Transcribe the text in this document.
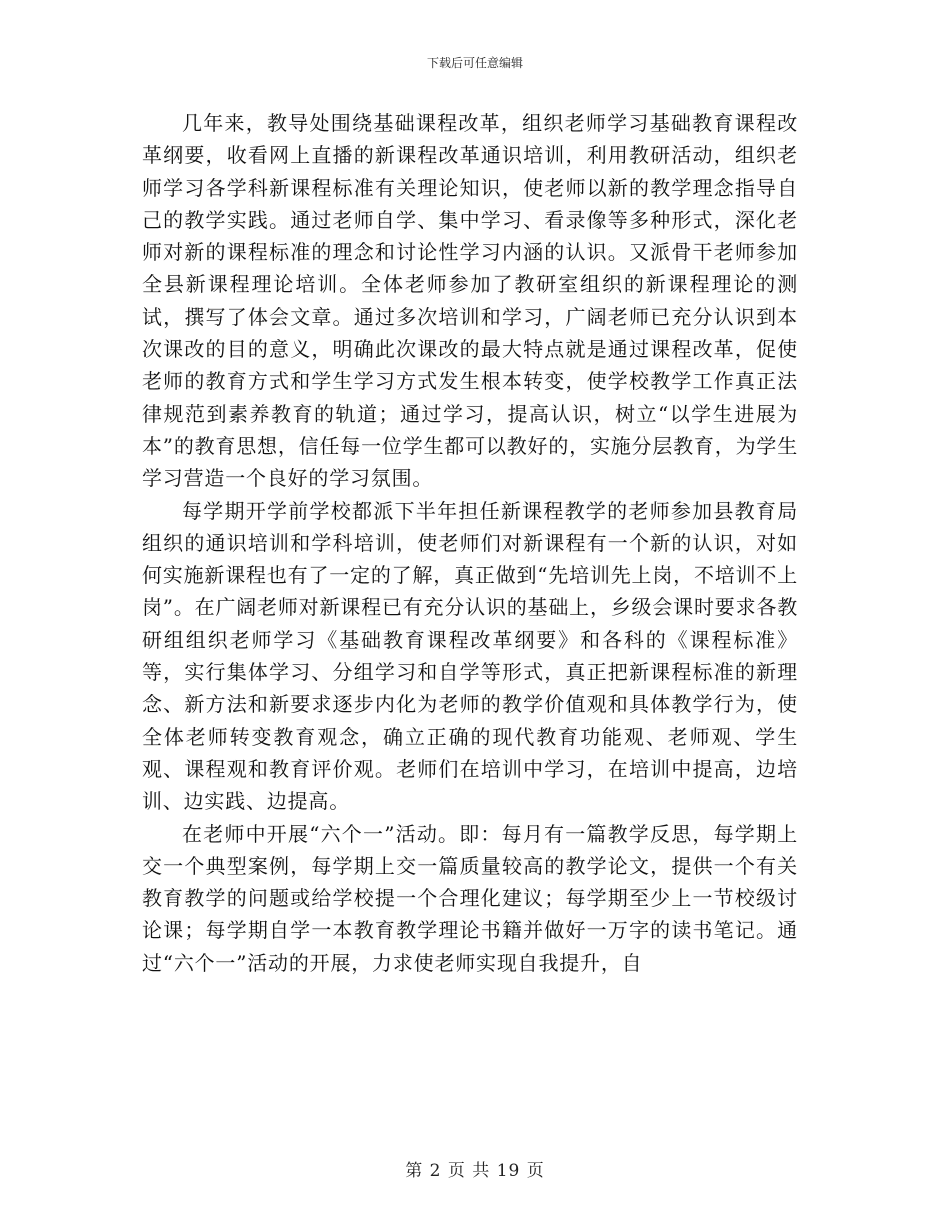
下载后可任意编辑

几年来，教导处围绕基础课程改革，组织老师学习基础教育课程改革纲要，收看网上直播的新课程改革通识培训，利用教研活动，组织老师学习各学科新课程标准有关理论知识，使老师以新的教学理念指导自己的教学实践。通过老师自学、集中学习、看录像等多种形式，深化老师对新的课程标准的理念和讨论性学习内涵的认识。又派骨干老师参加全县新课程理论培训。全体老师参加了教研室组织的新课程理论的测试，撰写了体会文章。通过多次培训和学习，广阔老师已充分认识到本次课改的目的意义，明确此次课改的最大特点就是通过课程改革，促使老师的教育方式和学生学习方式发生根本转变，使学校教学工作真正法律规范到素养教育的轨道；通过学习，提高认识，树立“以学生进展为本”的教育思想，信任每一位学生都可以教好的，实施分层教育，为学生学习营造一个良好的学习氛围。

每学期开学前学校都派下半年担任新课程教学的老师参加县教育局组织的通识培训和学科培训，使老师们对新课程有一个新的认识，对如何实施新课程也有了一定的了解，真正做到“先培训先上岗，不培训不上岗”。在广阔老师对新课程已有充分认识的基础上，乡级会课时要求各教研组组织老师学习《基础教育课程改革纲要》和各科的《课程标准》等，实行集体学习、分组学习和自学等形式，真正把新课程标准的新理念、新方法和新要求逐步内化为老师的教学价值观和具体教学行为，使全体老师转变教育观念，确立正确的现代教育功能观、老师观、学生观、课程观和教育评价观。老师们在培训中学习，在培训中提高，边培训、边实践、边提高。

在老师中开展“六个一”活动。即：每月有一篇教学反思，每学期上交一个典型案例，每学期上交一篇质量较高的教学论文，提供一个有关教育教学的问题或给学校提一个合理化建议；每学期至少上一节校级讨论课；每学期自学一本教育教学理论书籍并做好一万字的读书笔记。通过“六个一”活动的开展，力求使老师实现自我提升，自

第 2 页 共 19 页
